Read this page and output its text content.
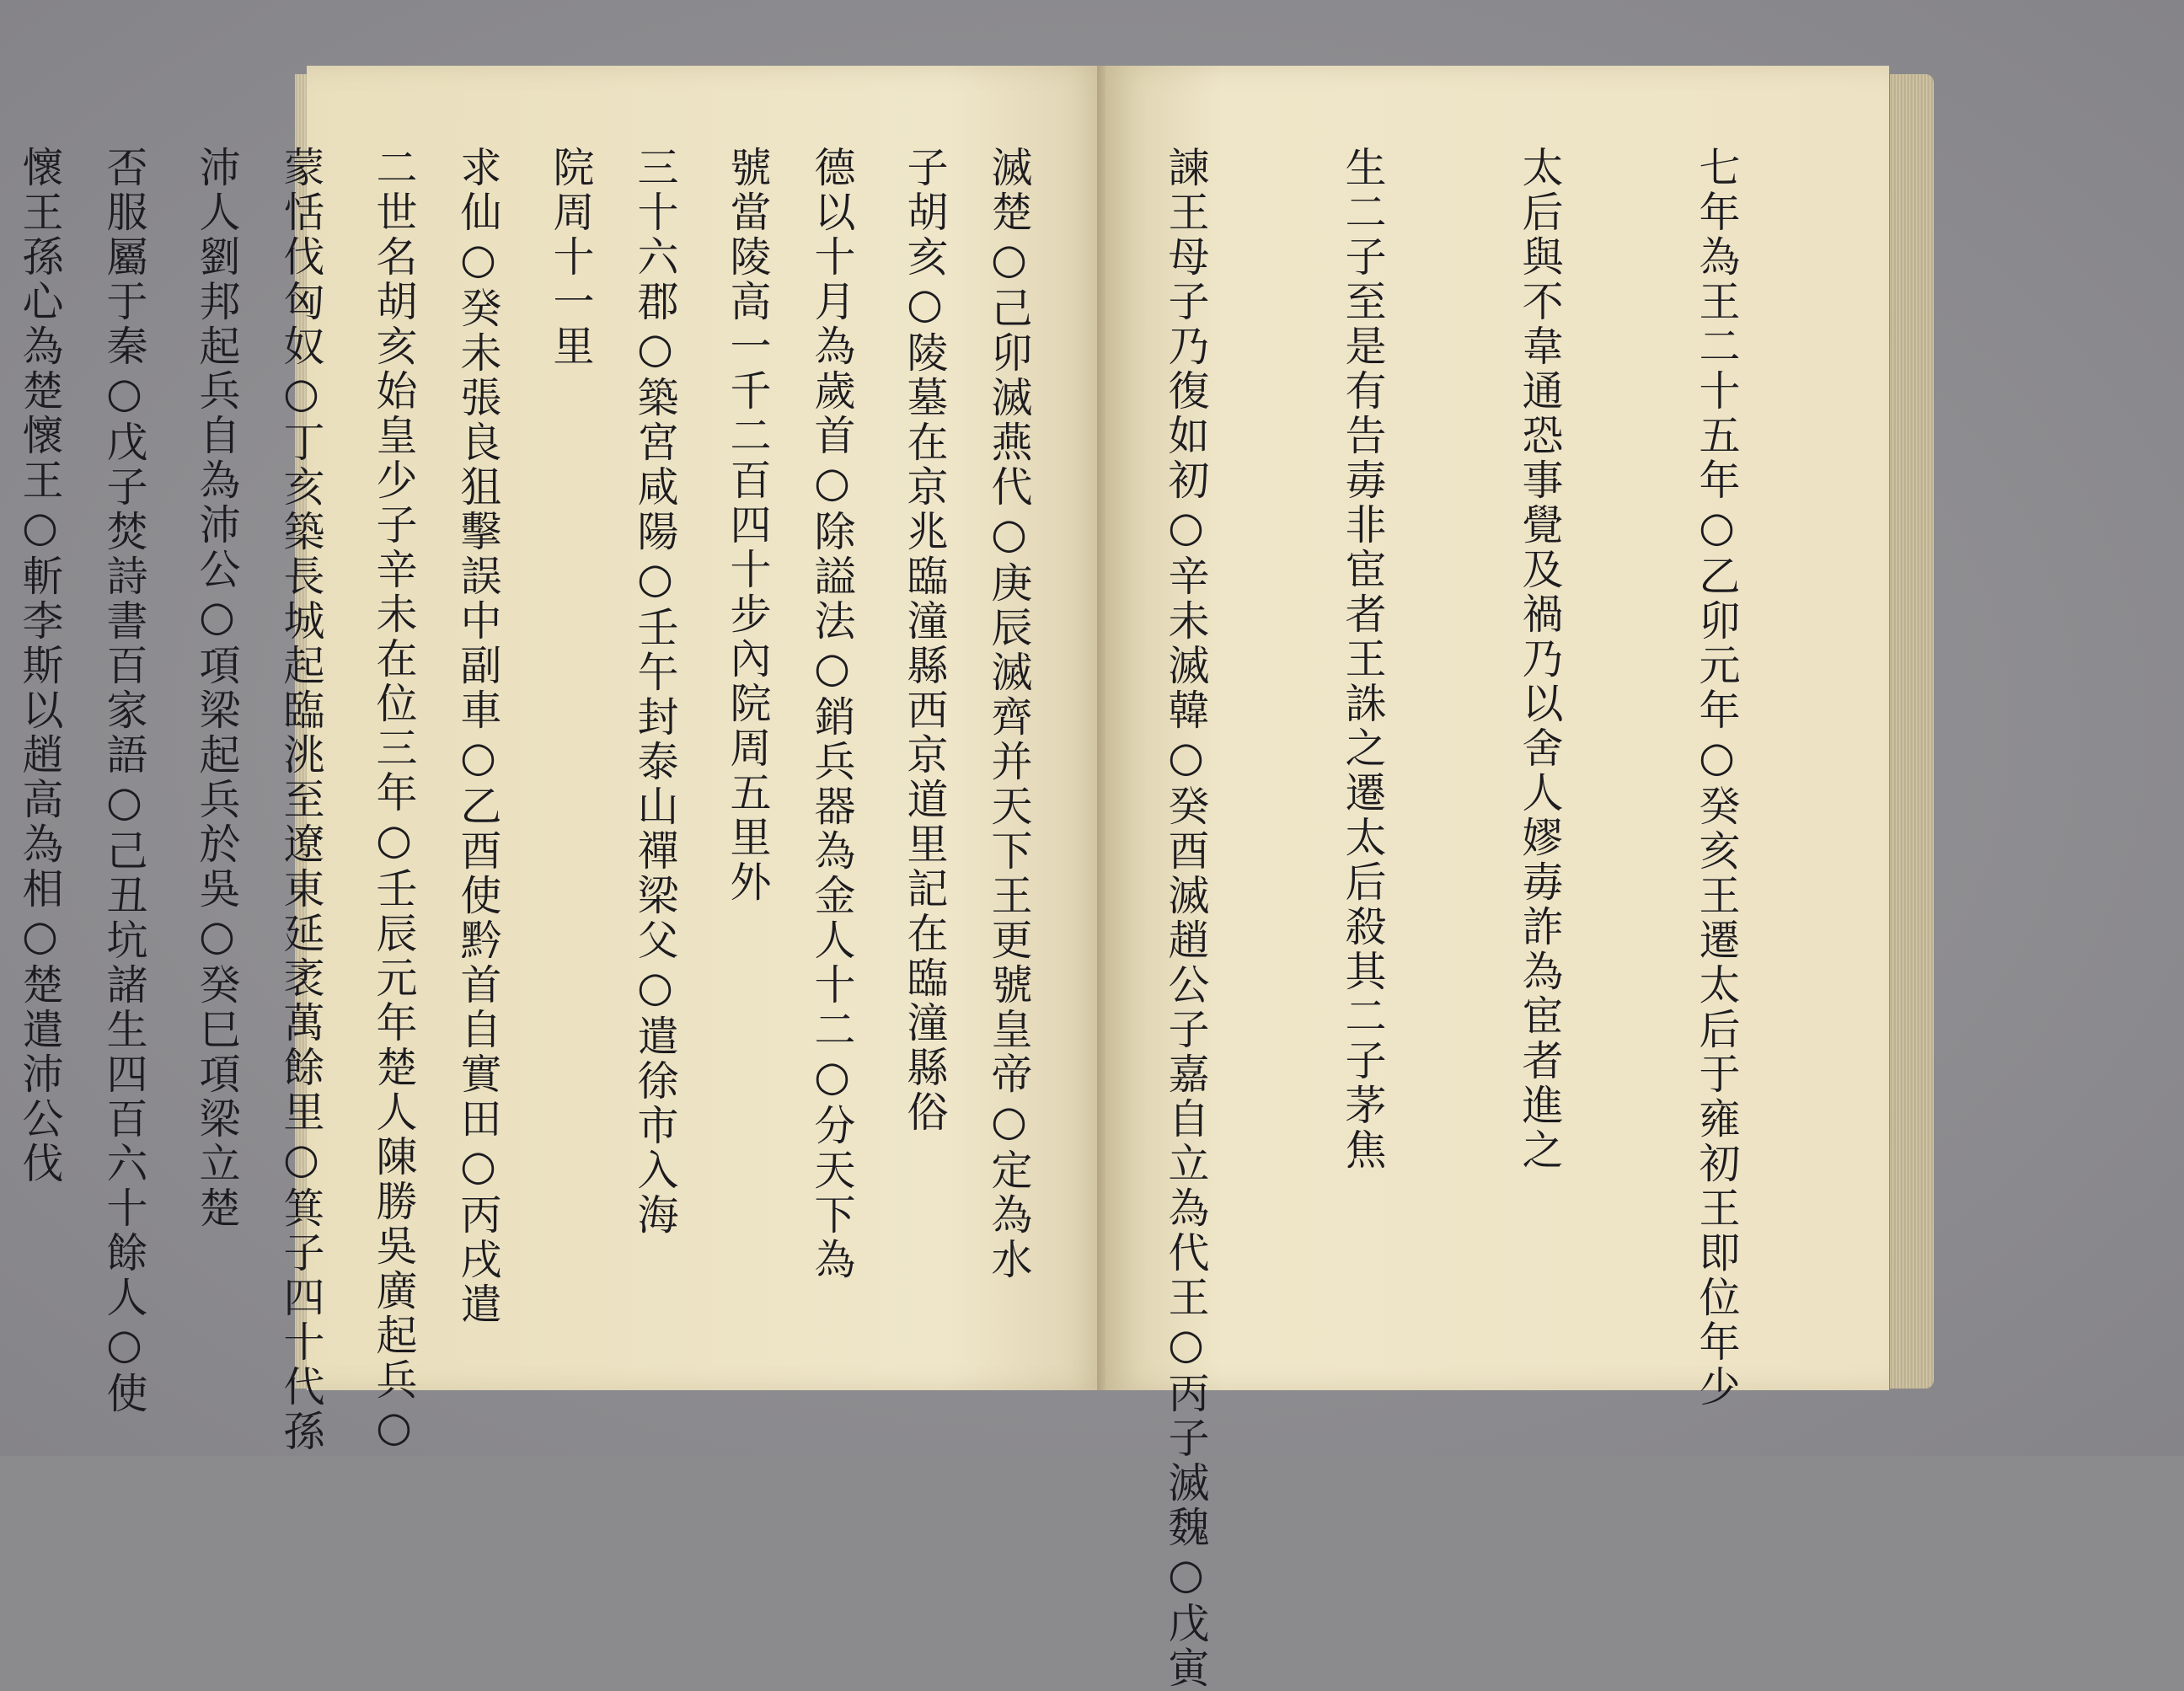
子胡亥○陵墓在京兆臨潼縣西京道里記在臨潼縣俗

號當陵高一千二百四十步內院周五里外

院周十一里

二世名胡亥始皇少子辛未在位三年○壬辰元年楚人陳勝吳廣起兵○

沛人劉邦起兵自為沛公○項梁起兵於吳○癸巳項梁立楚

懷王孫心為楚懷王○斬李斯以趙高為相○楚遣沛公伐

	七年為王二十五年○乙卯元年○癸亥王遷太后于雍初王即位年少

太后與不韋通恐事覺及禍乃以舍人嫪毐詐為宦者進之

生二子至是有告毐非宦者王誅之遷太后殺其二子茅焦

諫王母子乃復如初○辛未滅韓○癸酉滅趙公子嘉自立為代王○丙子滅魏○戊寅

滅楚○己卯滅燕代○庚辰滅齊并天下王更號皇帝○定為水

德以十月為歲首○除謚法○銷兵器為金人十二○分天下為

三十六郡○築宮咸陽○壬午封泰山禪梁父○遣徐市入海

求仙○癸未張良狙擊誤中副車○乙酉使黔首自實田○丙戌遣

蒙恬伐匈奴○丁亥築長城起臨洮至遼東延袤萬餘里○箕子四十代孫

否服屬于秦○戊子焚詩書百家語○己丑坑諸生四百六十餘人○使
